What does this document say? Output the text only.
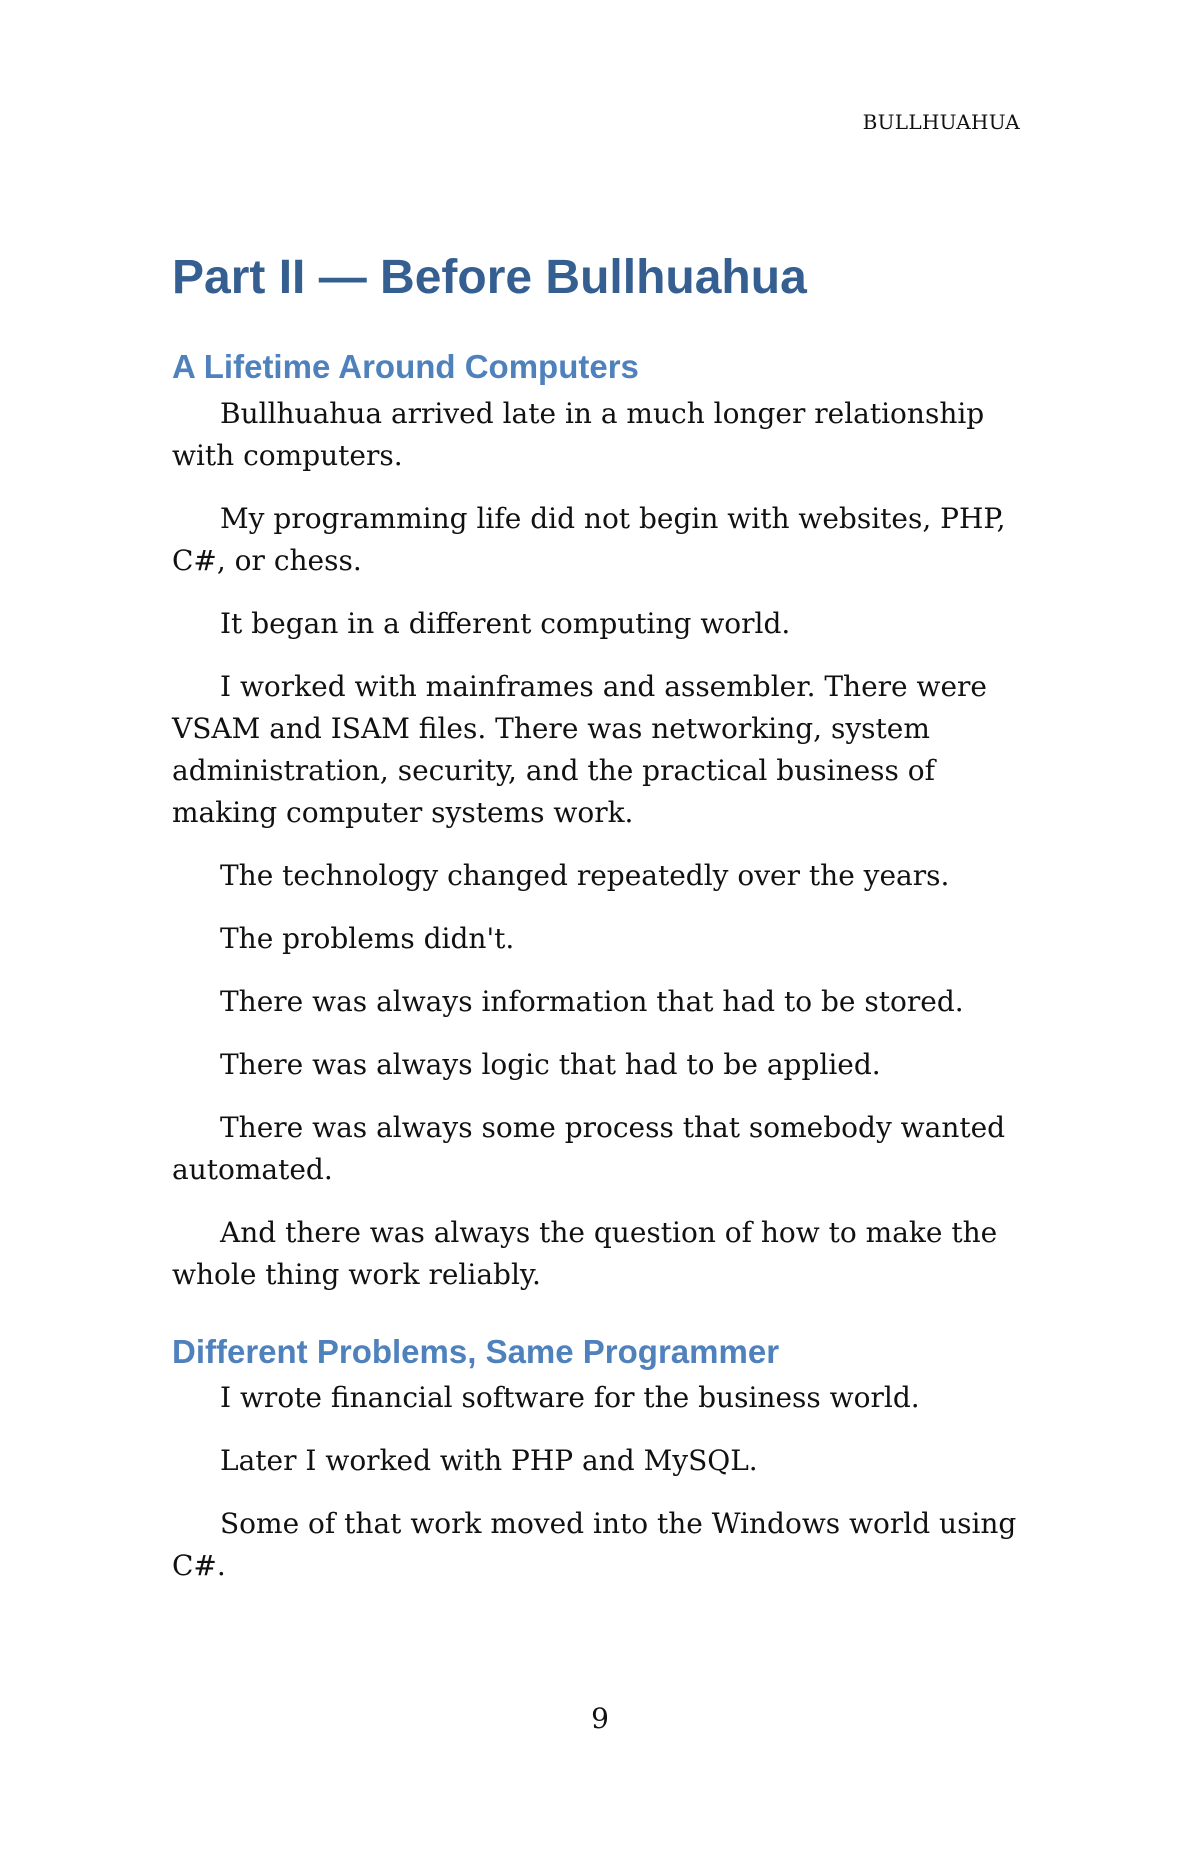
BULLHUAHUA
Part II — Before Bullhuahua
A Lifetime Around Computers

Bullhuahua arrived late in a much longer relationship with computers.

My programming life did not begin with websites, PHP, C#, or chess.

It began in a different computing world.

I worked with mainframes and assembler. There were VSAM and ISAM files. There was networking, system administration, security, and the practical business of making computer systems work.

The technology changed repeatedly over the years.

The problems didn't.

There was always information that had to be stored.

There was always logic that had to be applied.

There was always some process that somebody wanted automated.

And there was always the question of how to make the whole thing work reliably.

Different Problems, Same Programmer

I wrote financial software for the business world.

Later I worked with PHP and MySQL.

Some of that work moved into the Windows world using C#.

9
